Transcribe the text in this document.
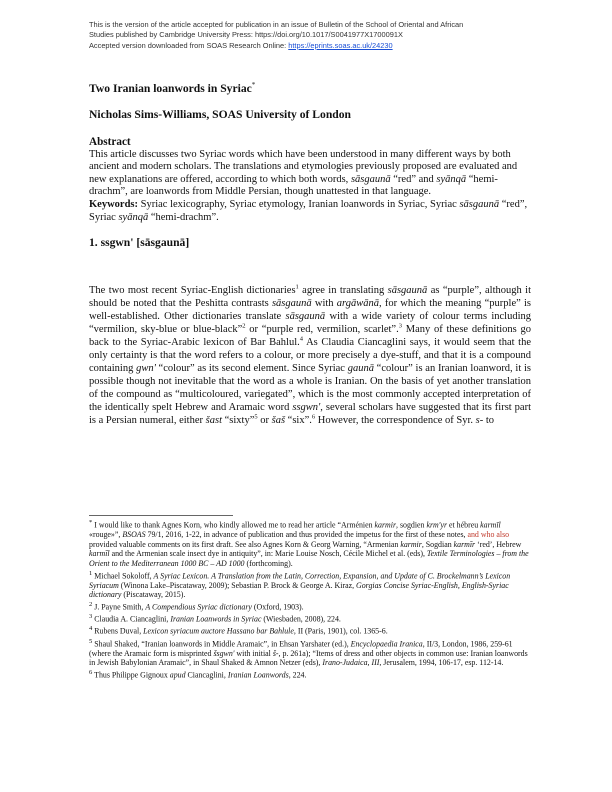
This is the version of the article accepted for publication in an issue of Bulletin of the School of Oriental and African
Studies published by Cambridge University Press: https://doi.org/10.1017/S0041977X1700091X
Accepted version downloaded from SOAS Research Online: https://eprints.soas.ac.uk/24230
Two Iranian loanwords in Syriac*
Nicholas Sims-Williams, SOAS University of London
Abstract

This article discusses two Syriac words which have been understood in many different ways by both ancient and modern scholars. The translations and etymologies previously proposed are evaluated and new explanations are offered, according to which both words, sāsgaunā “red” and syānqā “hemi-drachm”, are loanwords from Middle Persian, though unattested in that language.

Keywords: Syriac lexicography, Syriac etymology, Iranian loanwords in Syriac, Syriac sāsgaunā “red”, Syriac syānqā “hemi-drachm”.

1. ssgwn' [sāsgaunā]

The two most recent Syriac-English dictionaries$^1$ agree in translating sāsgaunā as “purple”, although it should be noted that the Peshitta contrasts sāsgaunā with argāwānā, for which the meaning “purple” is well-established. Other dictionaries translate sāsgaunā with a wide variety of colour terms including “vermilion, sky-blue or blue-black”$^2$ or “purple red, vermilion, scarlet”.$^3$ Many of these definitions go back to the Syriac-Arabic lexicon of Bar Bahlul.$^4$ As Claudia Ciancaglini says, it would seem that the only certainty is that the word refers to a colour, or more precisely a dye-stuff, and that it is a compound containing gwn' “colour” as its second element. Since Syriac gaunā “colour” is an Iranian loanword, it is possible though not inevitable that the word as a whole is Iranian. On the basis of yet another translation of the compound as “multicoloured, variegated”, which is the most commonly accepted interpretation of the identically spelt Hebrew and Aramaic word ssgwn', several scholars have suggested that its first part is a Persian numeral, either šast “sixty”$^5$ or šaš “six”.$^6$ However, the correspondence of Syr. s- to

* I would like to thank Agnes Korn, who kindly allowed me to read her article “Arménien karmir, sogdien krm'yr et hébreu karmīl «rouge»”, BSOAS 79/1, 2016, 1-22, in advance of publication and thus provided the impetus for the first of these notes, and who also provided valuable comments on its first draft. See also Agnes Korn & Georg Warning, “Armenian karmir, Sogdian karmīr ‘red’, Hebrew karmīl and the Armenian scale insect dye in antiquity”, in: Marie Louise Nosch, Cécile Michel et al. (eds), Textile Terminologies – from the Orient to the Mediterranean 1000 BC – AD 1000 (forthcoming).

$^1$ Michael Sokoloff, A Syriac Lexicon. A Translation from the Latin, Correction, Expansion, and Update of C. Brockelmann’s Lexicon Syriacum (Winona Lake–Piscataway, 2009); Sebastian P. Brock & George A. Kiraz, Gorgias Concise Syriac-English, English-Syriac dictionary (Piscataway, 2015).

$^2$ J. Payne Smith, A Compendious Syriac dictionary (Oxford, 1903).

$^3$ Claudia A. Ciancaglini, Iranian Loanwords in Syriac (Wiesbaden, 2008), 224.

$^4$ Rubens Duval, Lexicon syriacum auctore Hassano bar Bahlule, II (Paris, 1901), col. 1365-6.

$^5$ Shaul Shaked, “Iranian loanwords in Middle Aramaic”, in Ehsan Yarshater (ed.), Encyclopaedia Iranica, II/3, London, 1986, 259-61 (where the Aramaic form is misprinted šsgwn' with initial š-, p. 261a); “Items of dress and other objects in common use: Iranian loanwords in Jewish Babylonian Aramaic”, in Shaul Shaked & Amnon Netzer (eds), Irano-Judaica, III, Jerusalem, 1994, 106-17, esp. 112-14.

$^6$ Thus Philippe Gignoux apud Ciancaglini, Iranian Loanwords, 224.
